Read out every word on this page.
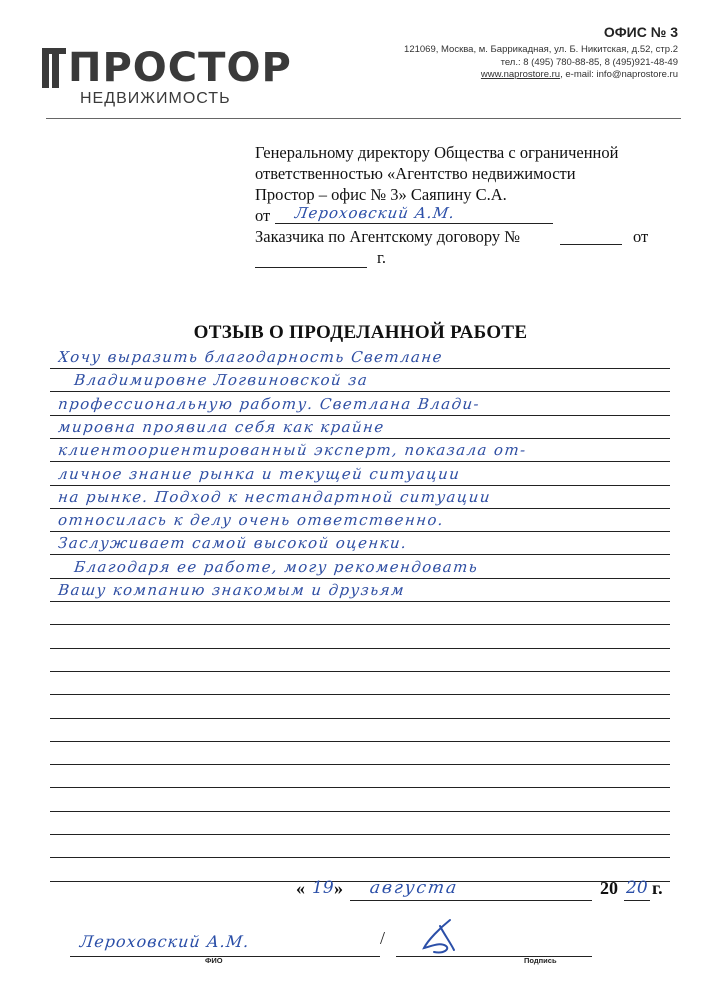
ПРОСТОР
НЕДВИЖИМОСТЬ
ОФИС № 3
121069, Москва, м. Баррикадная, ул. Б. Никитская, д.52, стр.2
тел.: 8 (495) 780-88-85, 8 (495)921-48-49
www.naprostore.ru, e-mail: info@naprostore.ru
Генеральному директору Общества с ограниченной
ответственностью «Агентство недвижимости
Простор – офис № 3» Саяпину С.А.
от Лероховский А.М.
Заказчика по Агентскому договору №	от
г.
ОТЗЫВ О ПРОДЕЛАННОЙ РАБОТЕ
Хочу выразить благодарность Светлане
Владимировне Логвиновской за
профессиональную работу. Светлана Влади-
мировна проявила себя как крайне
клиентоориентированный эксперт, показала от-
личное знание рынка и текущей ситуации
на рынке. Подход к нестандартной ситуации
относилась к делу очень ответственно.
Заслуживает самой высокой оценки.
Благодаря ее работе, могу рекомендовать
Вашу компанию знакомым и друзьям
« 19 » августа	20 20 г.
Лероховский А.М.	/
ФИО	Подпись
